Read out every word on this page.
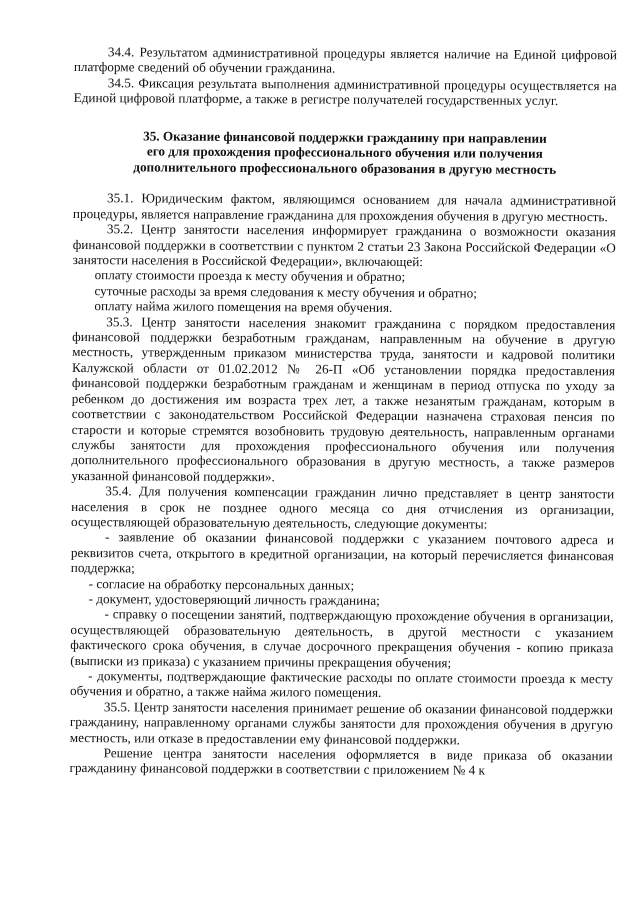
34.4. Результатом административной процедуры является наличие на Единой цифровой платформе сведений об обучении гражданина.

34.5. Фиксация результата выполнения административной процедуры осуществляется на Единой цифровой платформе, а также в регистре получателей государственных услуг.

35. Оказание финансовой поддержки гражданину при направлении
его для прохождения профессионального обучения или получения
дополнительного профессионального образования в другую местность

35.1. Юридическим фактом, являющимся основанием для начала административной процедуры, является направление гражданина для прохождения обучения в другую местность.

35.2. Центр занятости населения информирует гражданина о возможности оказания финансовой поддержки в соответствии с пунктом 2 статьи 23 Закона Российской Федерации «О занятости населения в Российской Федерации», включающей:

оплату стоимости проезда к месту обучения и обратно;

суточные расходы за время следования к месту обучения и обратно;

оплату найма жилого помещения на время обучения.

35.3. Центр занятости населения знакомит гражданина с порядком предоставления финансовой поддержки безработным гражданам, направленным на обучение в другую местность, утвержденным приказом министерства труда, занятости и кадровой политики Калужской области от 01.02.2012 № 26-П «Об установлении порядка предоставления финансовой поддержки безработным гражданам и женщинам в период отпуска по уходу за ребенком до достижения им возраста трех лет, а также незанятым гражданам, которым в соответствии с законодательством Российской Федерации назначена страховая пенсия по старости и которые стремятся возобновить трудовую деятельность, направленным органами службы занятости для прохождения профессионального обучения или получения дополнительного профессионального образования в другую местность, а также размеров указанной финансовой поддержки».

35.4. Для получения компенсации гражданин лично представляет в центр занятости населения в срок не позднее одного месяца со дня отчисления из организации, осуществляющей образовательную деятельность, следующие документы:

- заявление об оказании финансовой поддержки с указанием почтового адреса и реквизитов счета, открытого в кредитной организации, на который перечисляется финансовая поддержка;

- согласие на обработку персональных данных;

- документ, удостоверяющий личность гражданина;

- справку о посещении занятий, подтверждающую прохождение обучения в организации, осуществляющей образовательную деятельность, в другой местности с указанием фактического срока обучения, в случае досрочного прекращения обучения - копию приказа (выписки из приказа) с указанием причины прекращения обучения;

- документы, подтверждающие фактические расходы по оплате стоимости проезда к месту обучения и обратно, а также найма жилого помещения.

35.5. Центр занятости населения принимает решение об оказании финансовой поддержки гражданину, направленному органами службы занятости для прохождения обучения в другую местность, или отказе в предоставлении ему финансовой поддержки.

Решение центра занятости населения оформляется в виде приказа об оказании гражданину финансовой поддержки в соответствии с приложением № 4 к
